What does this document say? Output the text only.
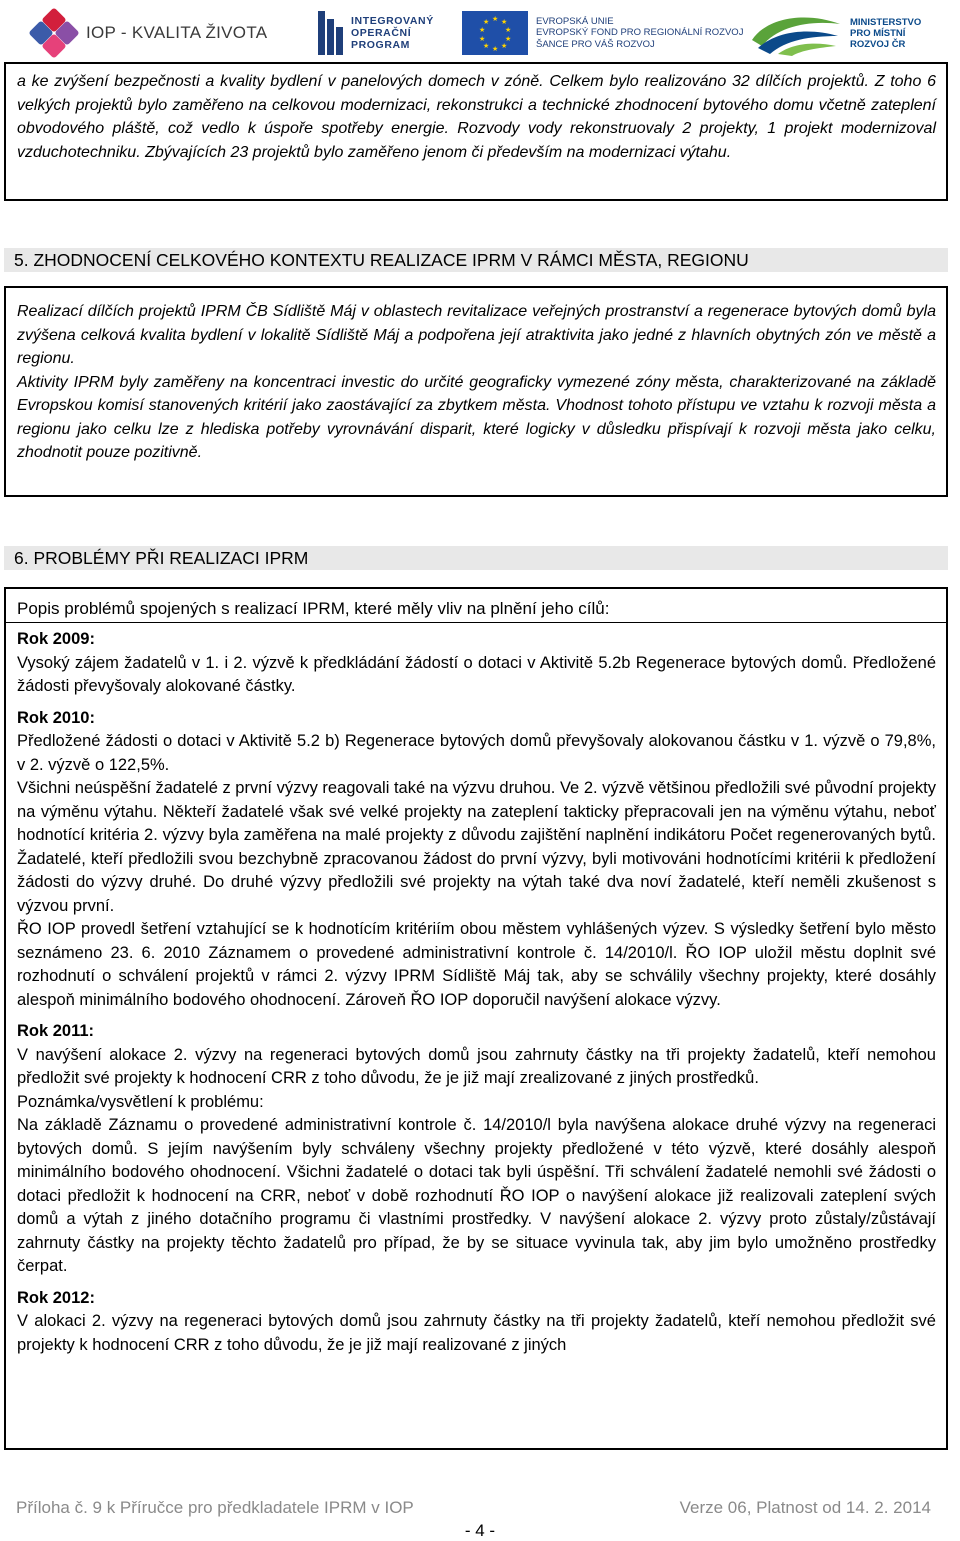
IOP - KVALITA ŽIVOTA
INTEGROVANÝ
OPERAČNÍ
PROGRAM
★ ★
★
★
★
★
★
★
★
★	EVROPSKÁ UNIE
EVROPSKÝ FOND PRO REGIONÁLNÍ ROZVOJ
ŠANCE PRO VÁŠ ROZVOJ
MINISTERSTVO
PRO MÍSTNÍ
ROZVOJ ČR

a ke zvýšení bezpečnosti a kvality bydlení v panelových domech v zóně. Celkem bylo realizováno 32 dílčích projektů. Z toho 6 velkých projektů bylo zaměřeno na celkovou modernizaci, rekonstrukci a technické zhodnocení bytového domu včetně zateplení obvodového pláště, což vedlo k úspoře spotřeby energie. Rozvody vody rekonstruovaly 2 projekty, 1 projekt modernizoval vzduchotechniku. Zbývajících 23 projektů bylo zaměřeno jenom či především na modernizaci výtahu.

5. ZHODNOCENÍ CELKOVÉHO KONTEXTU REALIZACE IPRM V RÁMCI MĚSTA, REGIONU
Realizací dílčích projektů IPRM ČB Sídliště Máj v oblastech revitalizace veřejných prostranství a regenerace bytových domů byla zvýšena celková kvalita bydlení v lokalitě Sídliště Máj a podpořena její atraktivita jako jedné z hlavních obytných zón ve městě a regionu.
Aktivity IPRM byly zaměřeny na koncentraci investic do určité geograficky vymezené zóny města, charakterizované na základě Evropskou komisí stanovených kritérií jako zaostávající za zbytkem města. Vhodnost tohoto přístupu ve vztahu k rozvoji města a regionu jako celku lze z hlediska potřeby vyrovnávání disparit, které logicky v důsledku přispívají k rozvoji města jako celku, zhodnotit pouze pozitivně.
6. PROBLÉMY PŘI REALIZACI IPRM
Popis problémů spojených s realizací IPRM, které měly vliv na plnění jeho cílů:

Rok 2009:

Vysoký zájem žadatelů v 1. i 2. výzvě k předkládání žádostí o dotaci v Aktivitě 5.2b Regenerace bytových domů. Předložené žádosti převyšovaly alokované částky.

Rok 2010:

Předložené žádosti o dotaci v Aktivitě 5.2 b) Regenerace bytových domů převyšovaly alokovanou částku v 1. výzvě o 79,8%, v 2. výzvě o 122,5%.

Všichni neúspěšní žadatelé z první výzvy reagovali také na výzvu druhou. Ve 2. výzvě většinou předložili své původní projekty na výměnu výtahu. Někteří žadatelé však své velké projekty na zateplení takticky přepracovali jen na výměnu výtahu, neboť hodnotící kritéria 2. výzvy byla zaměřena na malé projekty z důvodu zajištění naplnění indikátoru Počet regenerovaných bytů. Žadatelé, kteří předložili svou bezchybně zpracovanou žádost do první výzvy, byli motivováni hodnotícími kritérii k předložení žádosti do výzvy druhé. Do druhé výzvy předložili své projekty na výtah také dva noví žadatelé, kteří neměli zkušenost s výzvou první.

ŘO IOP provedl šetření vztahující se k hodnotícím kritériím obou městem vyhlášených výzev. S výsledky šetření bylo město seznámeno 23. 6. 2010 Záznamem o provedené administrativní kontrole č. 14/2010/l. ŘO IOP uložil městu doplnit své rozhodnutí o schválení projektů v rámci 2. výzvy IPRM Sídliště Máj tak, aby se schválily všechny projekty, které dosáhly alespoň minimálního bodového ohodnocení. Zároveň ŘO IOP doporučil navýšení alokace výzvy.

Rok 2011:

V navýšení alokace 2. výzvy na regeneraci bytových domů jsou zahrnuty částky na tři projekty žadatelů, kteří nemohou předložit své projekty k hodnocení CRR z toho důvodu, že je již mají zrealizované z jiných prostředků.

Poznámka/vysvětlení k problému:

Na základě Záznamu o provedené administrativní kontrole č. 14/2010/l byla navýšena alokace druhé výzvy na regeneraci bytových domů. S jejím navýšením byly schváleny všechny projekty předložené v této výzvě, které dosáhly alespoň minimálního bodového ohodnocení. Všichni žadatelé o dotaci tak byli úspěšní. Tři schválení žadatelé nemohli své žádosti o dotaci předložit k hodnocení na CRR, neboť v době rozhodnutí ŘO IOP o navýšení alokace již realizovali zateplení svých domů a výtah z jiného dotačního programu či vlastními prostředky. V navýšení alokace 2. výzvy proto zůstaly/zůstávají zahrnuty částky na projekty těchto žadatelů pro případ, že by se situace vyvinula tak, aby jim bylo umožněno prostředky čerpat.

Rok 2012:

V alokaci 2. výzvy na regeneraci bytových domů jsou zahrnuty částky na tři projekty žadatelů, kteří nemohou předložit své projekty k hodnocení CRR z toho důvodu, že je již mají realizované z jiných

Příloha č. 9 k Příručce pro předkladatele IPRM v IOP	Verze 06, Platnost od 14. 2. 2014
- 4 -
